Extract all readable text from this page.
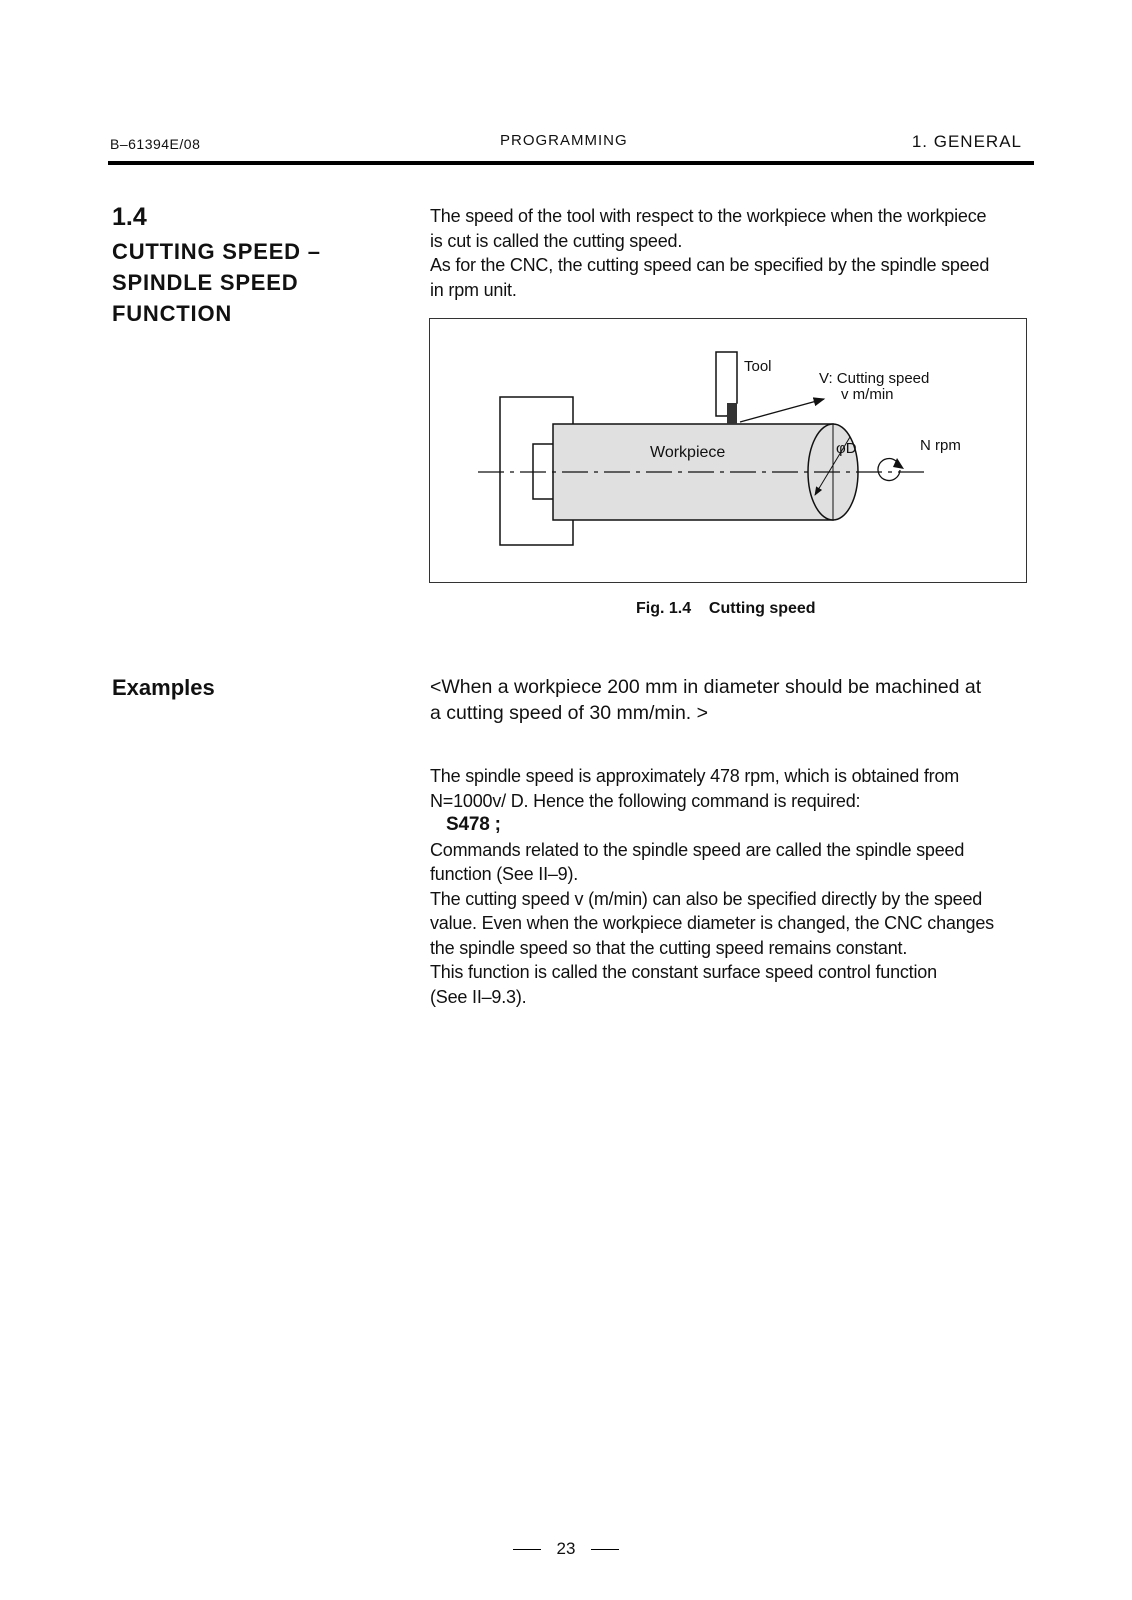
B–61394E/08	PROGRAMMING	1. GENERAL
1.4
CUTTING SPEED –
SPINDLE SPEED
FUNCTION
The speed of the tool with respect to the workpiece when the workpiece
is cut is called the cutting speed.
As for the CNC, the cutting speed can be specified by the spindle speed
in rpm unit.
Tool
V: Cutting speed
v m/min
Workpiece	φD	N rpm
Fig. 1.4    Cutting speed
Examples	<When a workpiece 200 mm in diameter should be machined at
a cutting speed of 30 mm/min. >
The spindle speed is approximately 478 rpm, which is obtained from
N=1000v/ D. Hence the following command is required:
S478 ;
Commands related to the spindle speed are called the spindle speed
function (See II–9).
The cutting speed v (m/min) can also be specified directly by the speed
value. Even when the workpiece diameter is changed, the CNC changes
the spindle speed so that the cutting speed remains constant.
This function is called the constant surface speed control function
(See II–9.3).
23
